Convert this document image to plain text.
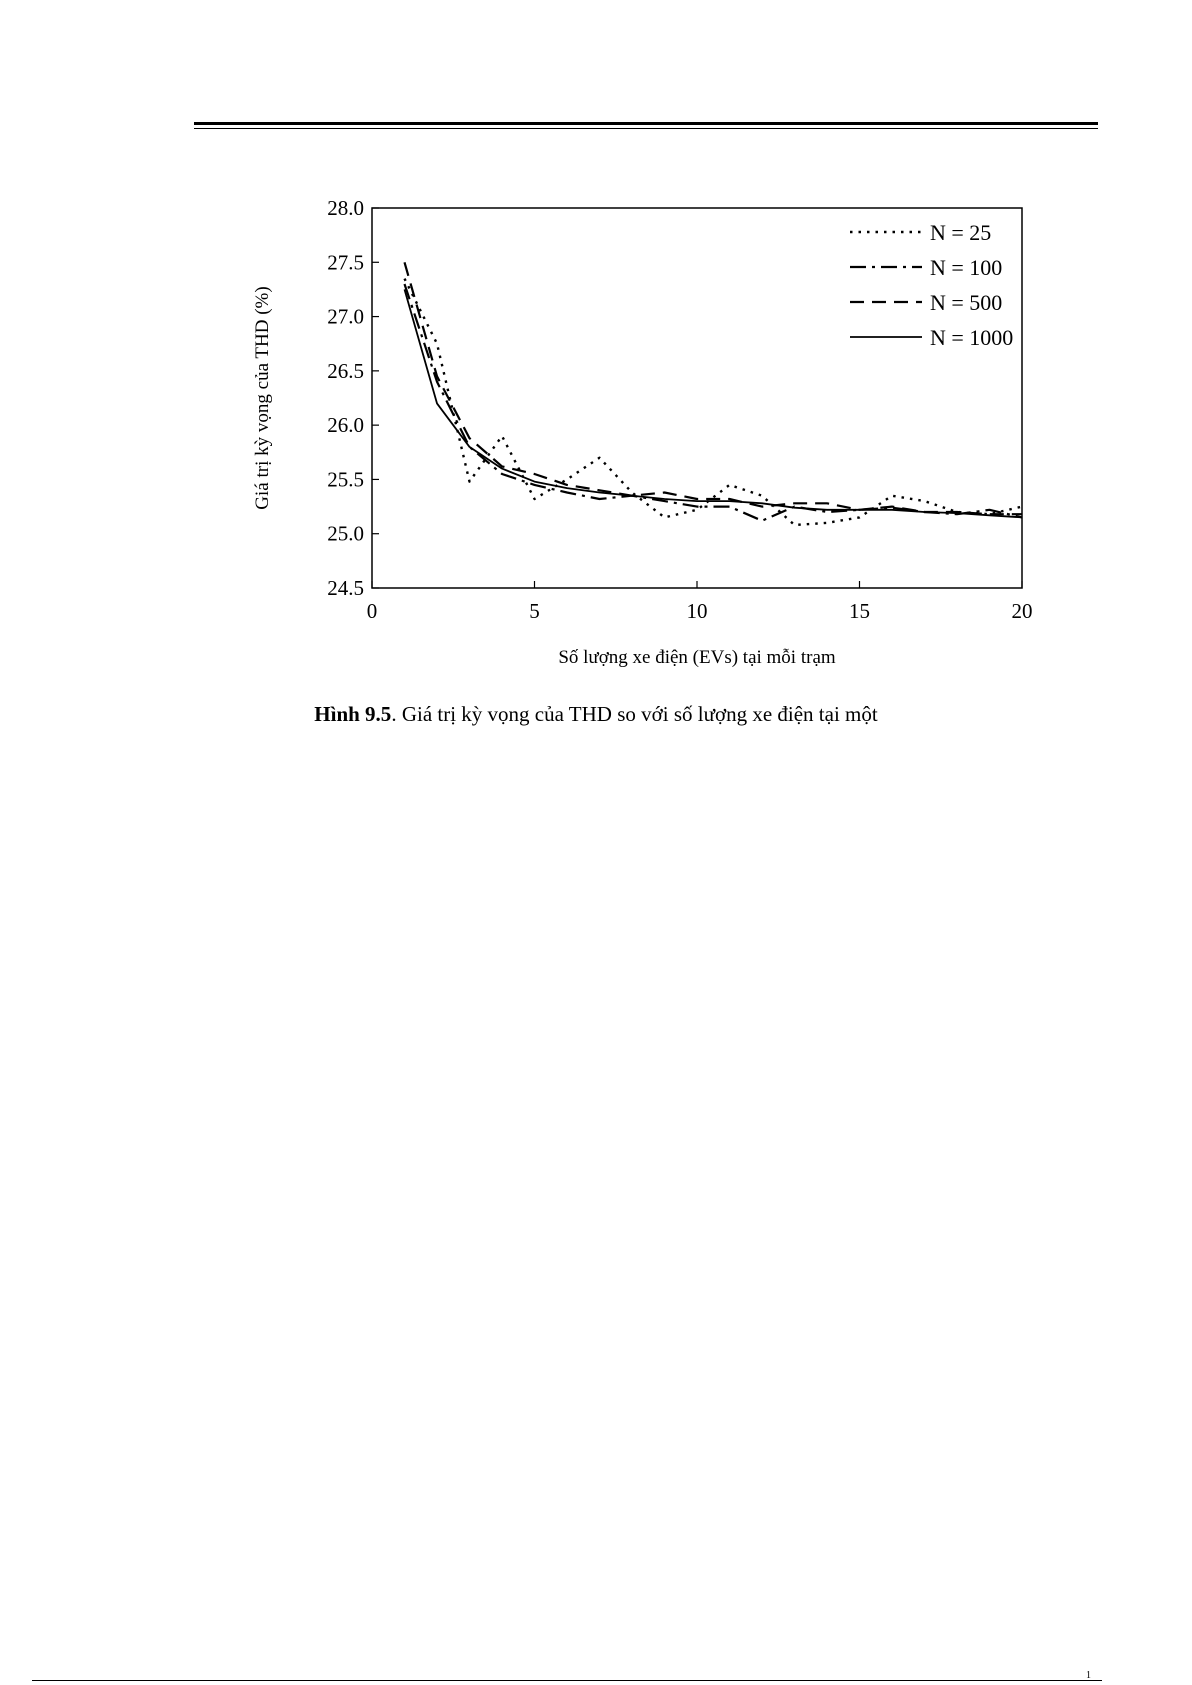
24.5
25.0
25.5
26.0
26.5
27.0
27.5
28.0
0	5	10	15	20
N = 25
N = 100
N = 500
N = 1000
Số lượng xe điện (EVs) tại mỗi trạm
Giá trị kỳ vọng của THD (%)
Hình 9.5. Giá trị kỳ vọng của THD so với số lượng xe điện tại một
1
